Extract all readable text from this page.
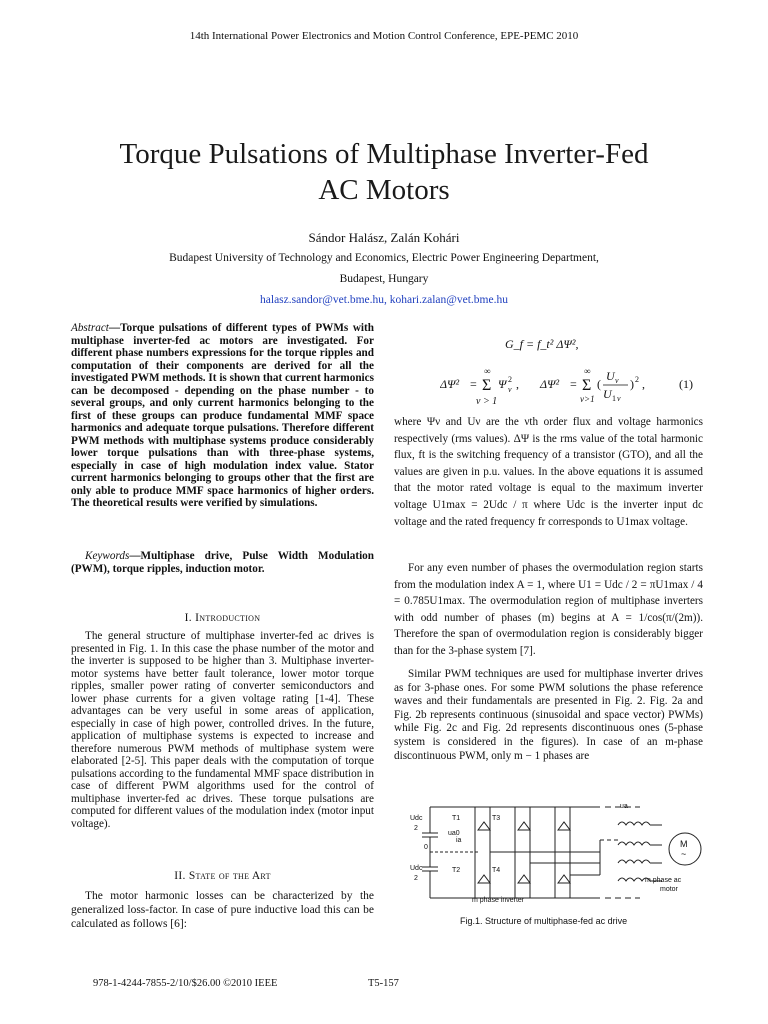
14th International Power Electronics and Motion Control Conference, EPE-PEMC 2010
Torque Pulsations of Multiphase Inverter-Fed
AC Motors
Sándor Halász, Zalán Kohári
Budapest University of Technology and Economics, Electric Power Engineering Department,
Budapest, Hungary
halasz.sandor@vet.bme.hu, kohari.zalan@vet.bme.hu
Abstract—Torque pulsations of different types of PWMs with multiphase inverter-fed ac motors are investigated. For different phase numbers expressions for the torque ripples and computation of their components are derived for all the investigated PWM methods. It is shown that current harmonics can be decomposed - depending on the phase number - to several groups, and only current harmonics belonging to the first of these groups can produce fundamental MMF space harmonics and adequate torque pulsations. Therefore different PWM methods with multiphase systems produce considerably lower torque pulsations than with three-phase systems, especially in case of high modulation index value. Stator current harmonics belonging to groups other that the first are only able to produce MMF space harmonics of higher orders. The theoretical results were verified by simulations.
Keywords—Multiphase drive, Pulse Width Modulation (PWM), torque ripples, induction motor.
I. Introduction

The general structure of multiphase inverter-fed ac drives is presented in Fig. 1. In this case the phase number of the motor and the inverter is supposed to be higher than 3. Multiphase inverter-motor systems have better fault tolerance, lower motor torque ripples, smaller power rating of converter semiconductors and lower phase currents for a given voltage rating [1-4]. These advantages can be very useful in some areas of application, especially in case of high power, controlled drives. In the future, application of multiphase systems is expected to increase and therefore numerous PWM methods of multiphase system were elaborated [2-5]. This paper deals with the computation of torque pulsations according to the fundamental MMF space distribution in case of different PWM algorithms used for the control of multiphase inverter-fed ac drives. These torque pulsations are computed for different values of the modulation index (motor input voltage).

II. State of the Art

The motor harmonic losses can be characterized by the generalized loss-factor. In case of pure inductive load this can be calculated as follows [6]:

G_f = f_t² ΔΨ²,
ΔΨ² =
∞
Σ
ν > 1
Ψ ν
2 , ΔΨ² =
∞
Σ
ν>1
(
U ν
U 1 ν
) 2 ,	(1)

where Ψν and Uν are the νth order flux and voltage harmonics respectively (rms values). ΔΨ is the rms value of the total harmonic flux, ft is the switching frequency of a transistor (GTO), and all the values are given in p.u. values. In the above equations it is assumed that the motor rated voltage is equal to the maximum inverter voltage U1max = 2Udc / π where Udc is the inverter input dc voltage and the rated frequency fr corresponds to U1max voltage.

For any even number of phases the overmodulation region starts from the modulation index A = 1, where U1 = Udc / 2 = πU1max / 4 = 0.785U1max. The overmodulation region of multiphase inverters with odd number of phases (m) begins at A = 1/cos(π/(2m)). Therefore the span of overmodulation region is considerably bigger than for the 3-phase system [7].

Similar PWM techniques are used for multiphase inverter drives as for 3-phase ones. For some PWM solutions the phase reference waves and their fundamentals are presented in Fig. 2. Fig. 2a and Fig. 2b represents continuous (sinusoidal and space vector) PWMs) while Fig. 2c and Fig. 2d represents discontinuous ones (5-phase system is considered in the figures). In case of an m-phase discontinuous PWM, only m − 1 phases are

T1
T2
T3
T4
ua
ua0
ia
0
Udc
2
Udc
2
M
~
m phase inverter
m phase ac
motor
Fig.1. Structure of multiphase-fed ac drive
978-1-4244-7855-2/10/$26.00 ©2010 IEEE	T5-157
